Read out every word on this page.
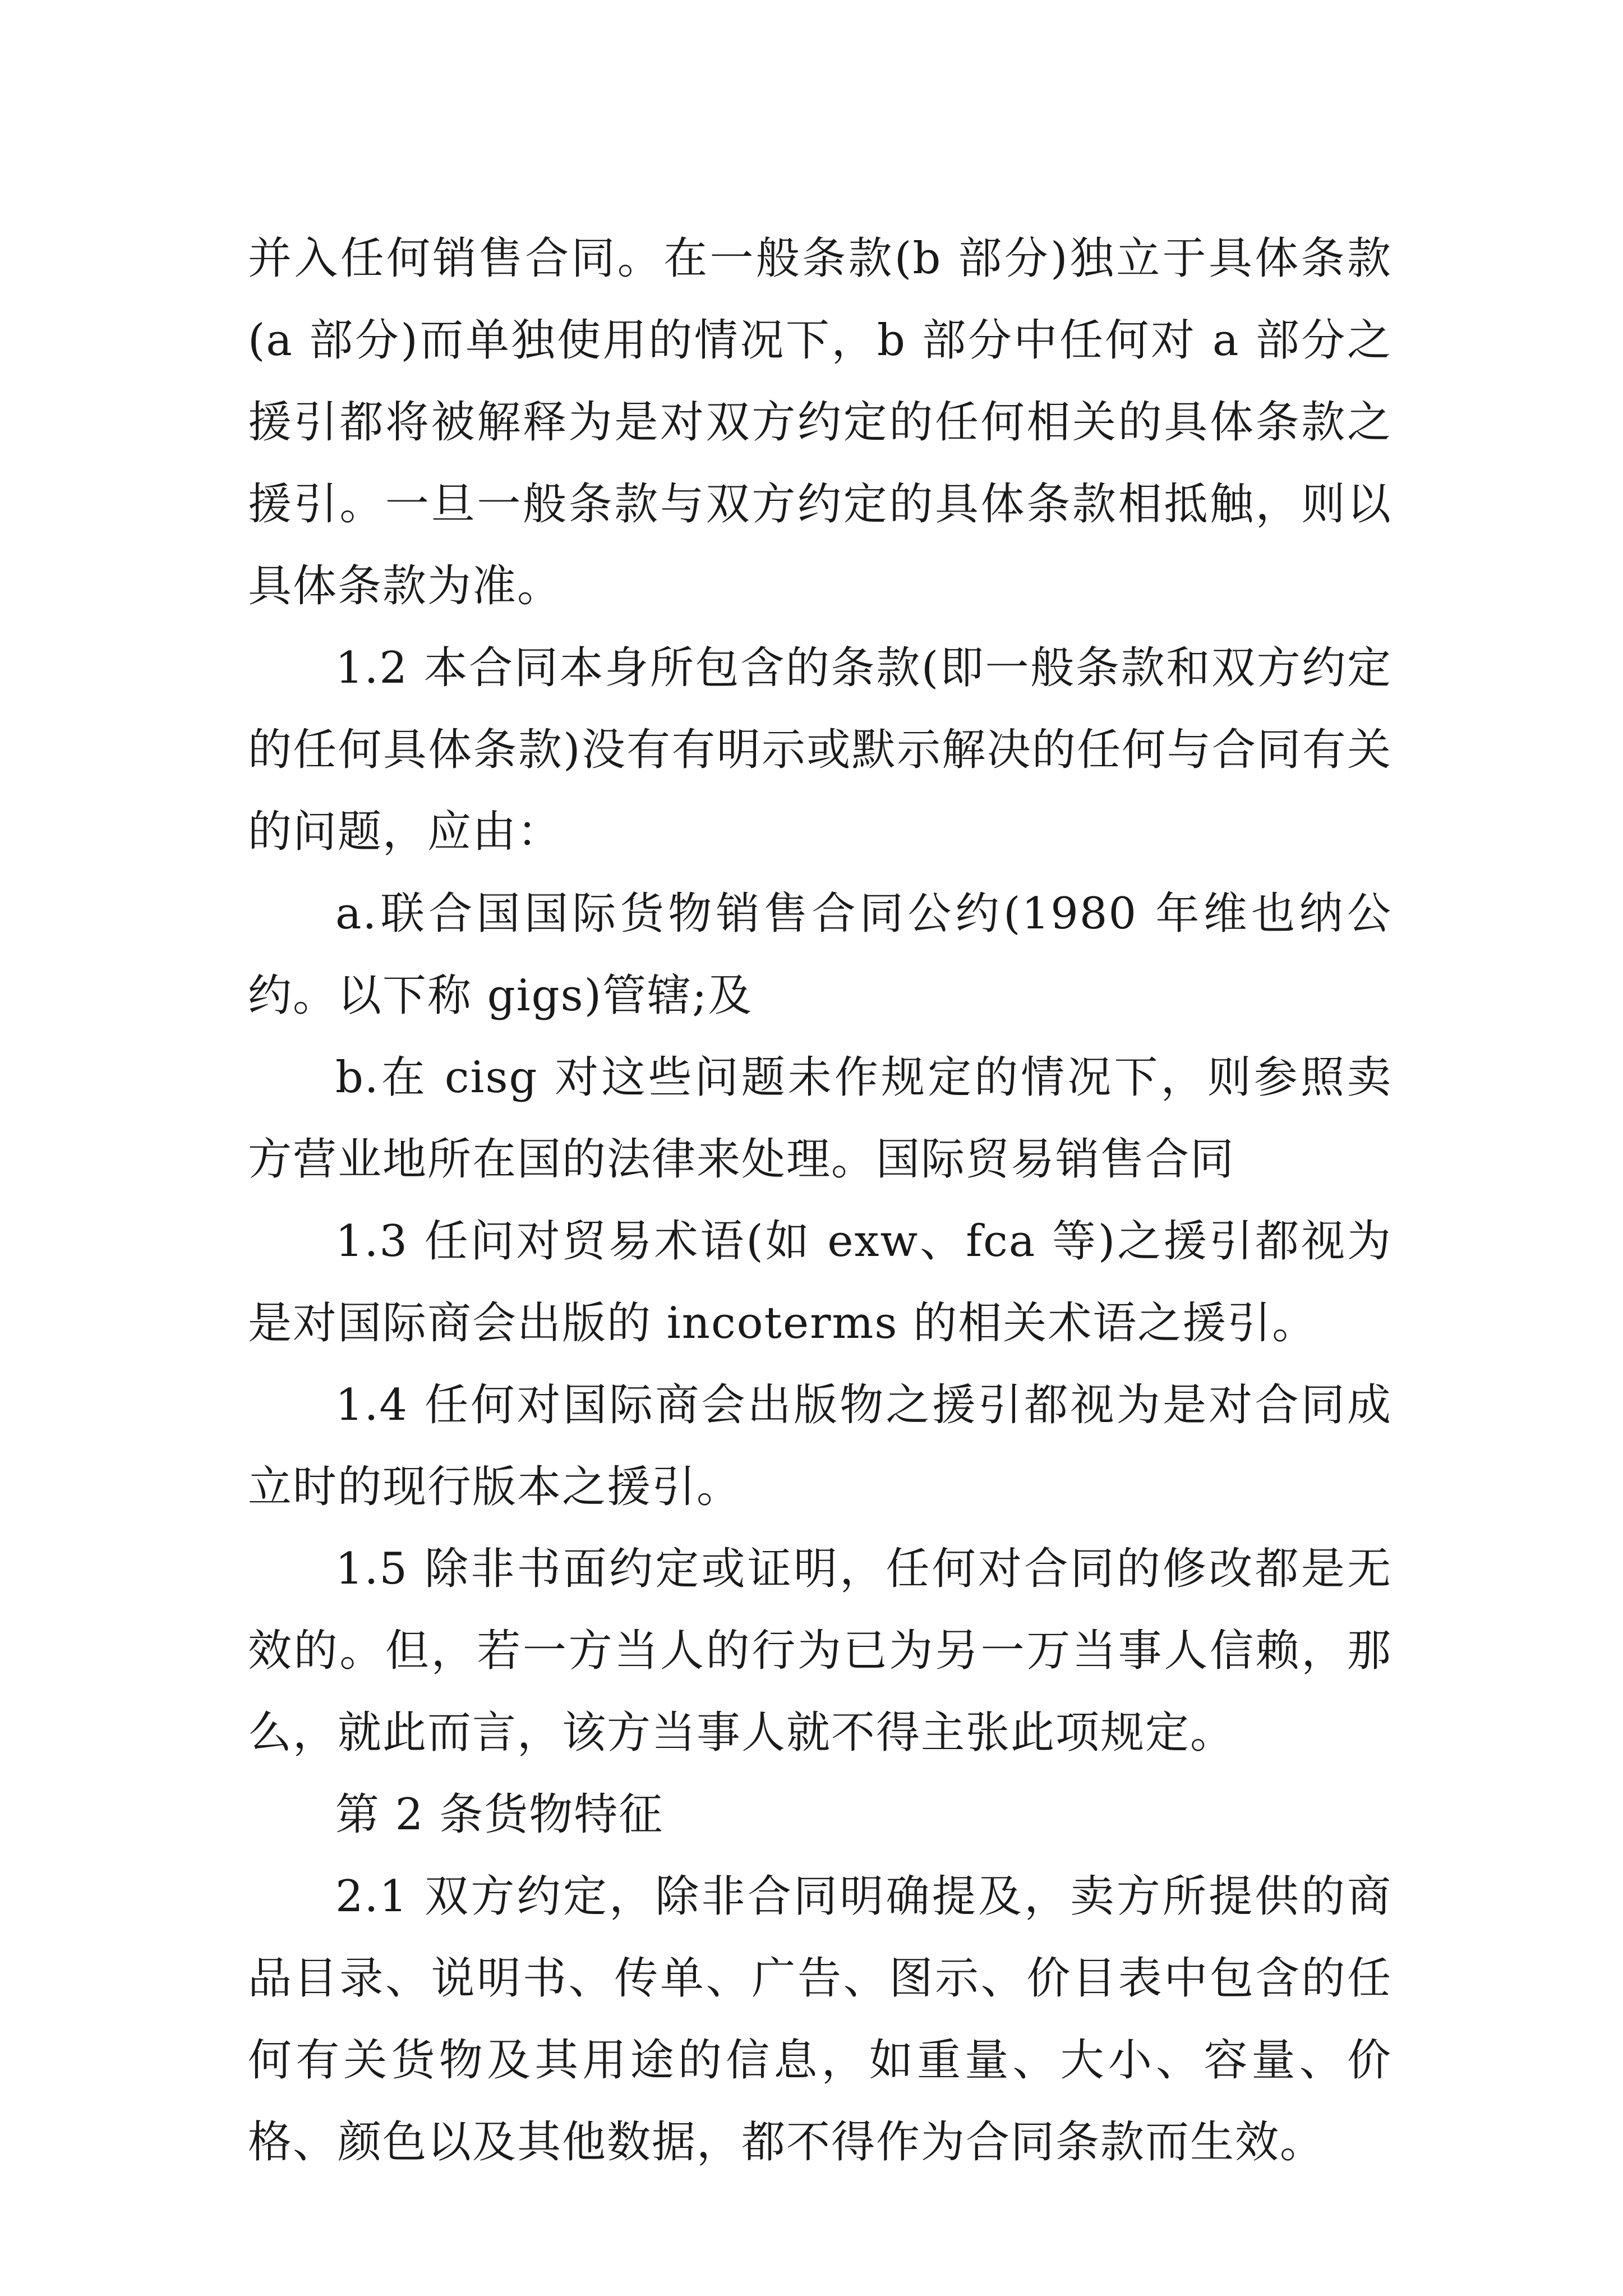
并入任何销售合同。在一般条款(b 部分)独立于具体条款(a 部分)而单独使用的情况下，b 部分中任何对 a 部分之援引都将被解释为是对双方约定的任何相关的具体条款之援引。一旦一般条款与双方约定的具体条款相抵触，则以具体条款为准。

1.2 本合同本身所包含的条款(即一般条款和双方约定的任何具体条款)没有有明示或默示解决的任何与合同有关的问题，应由：

a.联合国国际货物销售合同公约(1980 年维也纳公约。以下称 gigs)管辖;及

b.在 cisg 对这些问题未作规定的情况下，则参照卖方营业地所在国的法律来处理。国际贸易销售合同

1.3 任问对贸易术语(如 exw、fca 等)之援引都视为是对国际商会出版的 incoterms 的相关术语之援引。

1.4 任何对国际商会出版物之援引都视为是对合同成立时的现行版本之援引。

1.5 除非书面约定或证明，任何对合同的修改都是无效的。但，若一方当人的行为已为另一万当事人信赖，那么，就此而言，该方当事人就不得主张此项规定。

第 2 条货物特征

2.1 双方约定，除非合同明确提及，卖方所提供的商品目录、说明书、传单、广告、图示、价目表中包含的任何有关货物及其用途的信息，如重量、大小、容量、价格、颜色以及其他数据，都不得作为合同条款而生效。
